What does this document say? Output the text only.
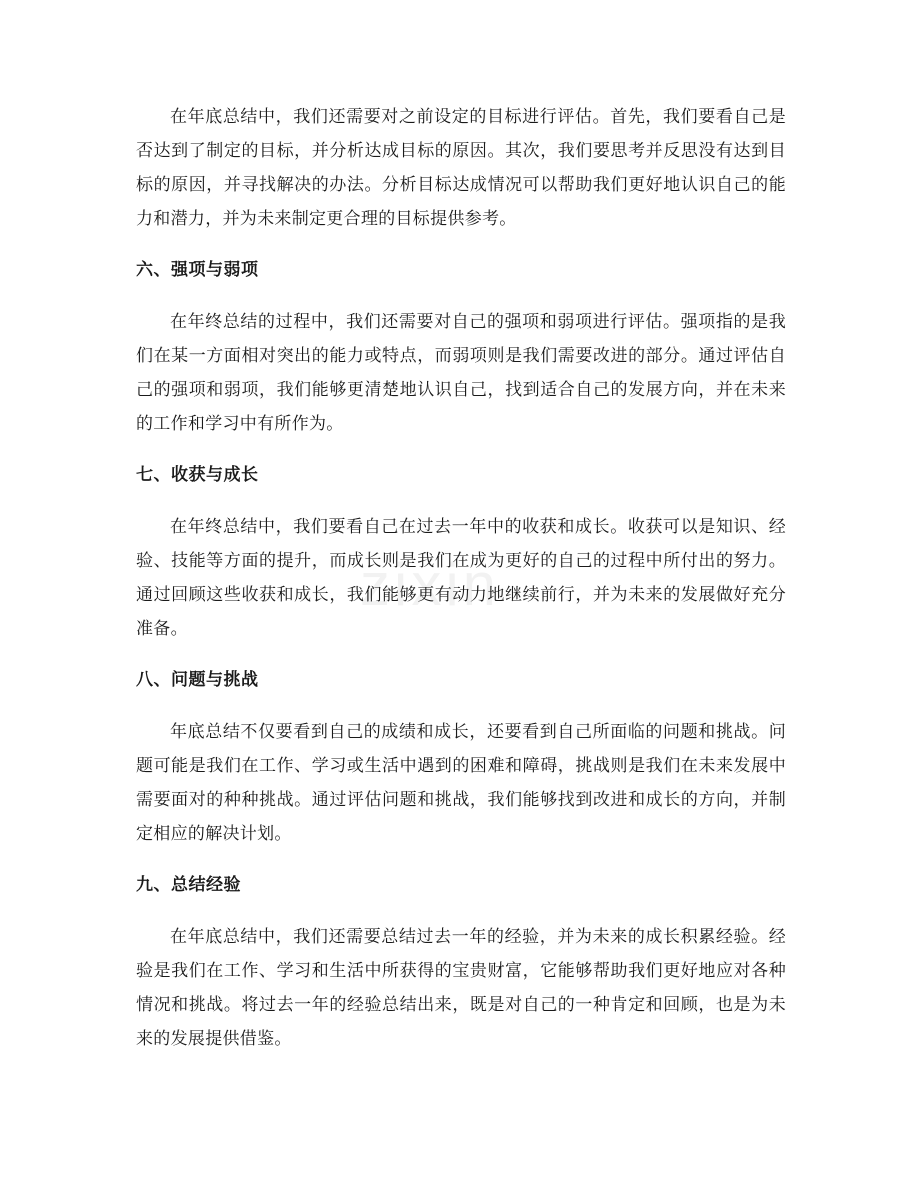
zixin

在年底总结中，我们还需要对之前设定的目标进行评估。首先，我们要看自己是否达到了制定的目标，并分析达成目标的原因。其次，我们要思考并反思没有达到目标的原因，并寻找解决的办法。分析目标达成情况可以帮助我们更好地认识自己的能力和潜力，并为未来制定更合理的目标提供参考。

六、强项与弱项

在年终总结的过程中，我们还需要对自己的强项和弱项进行评估。强项指的是我们在某一方面相对突出的能力或特点，而弱项则是我们需要改进的部分。通过评估自己的强项和弱项，我们能够更清楚地认识自己，找到适合自己的发展方向，并在未来的工作和学习中有所作为。

七、收获与成长

在年终总结中，我们要看自己在过去一年中的收获和成长。收获可以是知识、经验、技能等方面的提升，而成长则是我们在成为更好的自己的过程中所付出的努力。通过回顾这些收获和成长，我们能够更有动力地继续前行，并为未来的发展做好充分准备。

八、问题与挑战

年底总结不仅要看到自己的成绩和成长，还要看到自己所面临的问题和挑战。问题可能是我们在工作、学习或生活中遇到的困难和障碍，挑战则是我们在未来发展中需要面对的种种挑战。通过评估问题和挑战，我们能够找到改进和成长的方向，并制定相应的解决计划。

九、总结经验

在年底总结中，我们还需要总结过去一年的经验，并为未来的成长积累经验。经验是我们在工作、学习和生活中所获得的宝贵财富，它能够帮助我们更好地应对各种情况和挑战。将过去一年的经验总结出来，既是对自己的一种肯定和回顾，也是为未来的发展提供借鉴。
